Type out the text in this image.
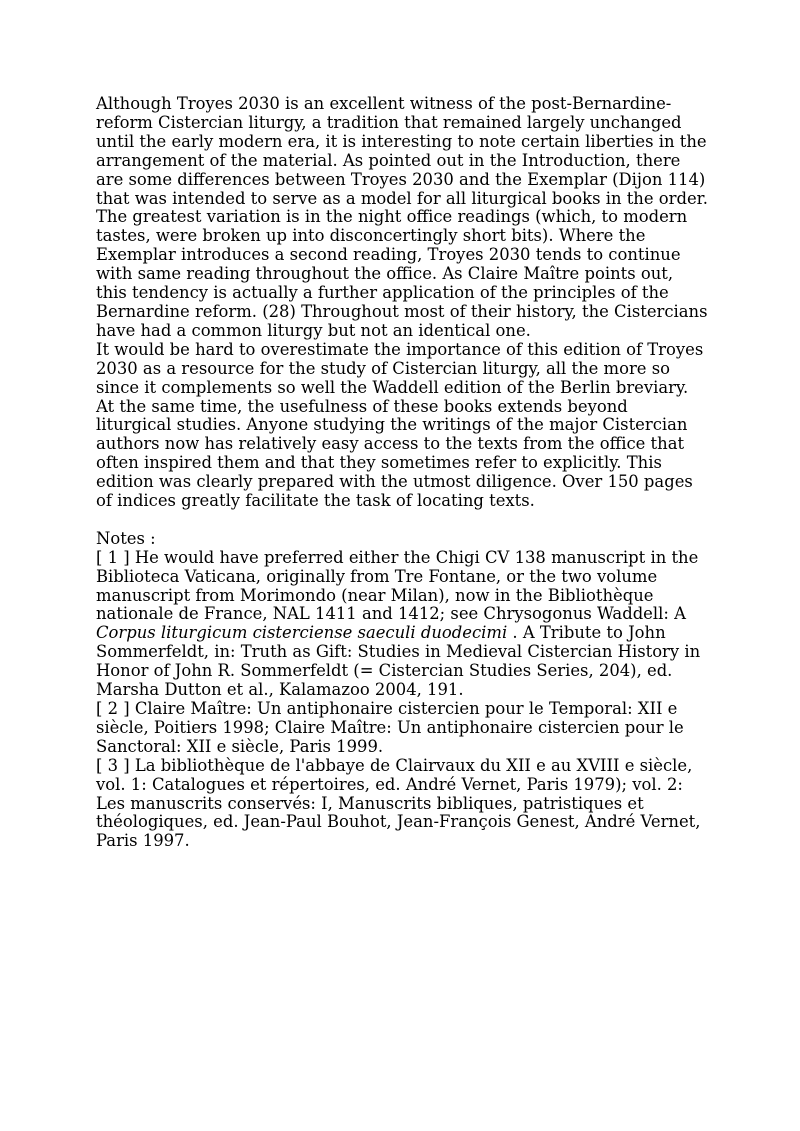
Although Troyes 2030 is an excellent witness of the post-Bernardine-reform Cistercian liturgy, a tradition that remained largely unchanged until the early modern era, it is interesting to note certain liberties in the arrangement of the material. As pointed out in the Introduction, there are some differences between Troyes 2030 and the Exemplar (Dijon 114) that was intended to serve as a model for all liturgical books in the order. The greatest variation is in the night office readings (which, to modern tastes, were broken up into disconcertingly short bits). Where the Exemplar introduces a second reading, Troyes 2030 tends to continue with same reading throughout the office. As Claire Maître points out, this tendency is actually a further application of the principles of the Bernardine reform. (28) Throughout most of their history, the Cistercians have had a common liturgy but not an identical one.

It would be hard to overestimate the importance of this edition of Troyes 2030 as a resource for the study of Cistercian liturgy, all the more so since it complements so well the Waddell edition of the Berlin breviary. At the same time, the usefulness of these books extends beyond liturgical studies. Anyone studying the writings of the major Cistercian authors now has relatively easy access to the texts from the office that often inspired them and that they sometimes refer to explicitly. This edition was clearly prepared with the utmost diligence. Over 150 pages of indices greatly facilitate the task of locating texts.

Notes :

[ 1 ] He would have preferred either the Chigi CV 138 manuscript in the Biblioteca Vaticana, originally from Tre Fontane, or the two volume manuscript from Morimondo (near Milan), now in the Bibliothèque nationale de France, NAL 1411 and 1412; see Chrysogonus Waddell: A Corpus liturgicum cisterciense saeculi duodecimi . A Tribute to John Sommerfeldt, in: Truth as Gift: Studies in Medieval Cistercian History in Honor of John R. Sommerfeldt (= Cistercian Studies Series, 204), ed. Marsha Dutton et al., Kalamazoo 2004, 191.

[ 2 ] Claire Maître: Un antiphonaire cistercien pour le Temporal: XII e siècle, Poitiers 1998; Claire Maître: Un antiphonaire cistercien pour le Sanctoral: XII e siècle, Paris 1999.

[ 3 ] La bibliothèque de l'abbaye de Clairvaux du XII e au XVIII e siècle, vol. 1: Catalogues et répertoires, ed. André Vernet, Paris 1979); vol. 2: Les manuscrits conservés: I, Manuscrits bibliques, patristiques et théologiques, ed. Jean-Paul Bouhot, Jean-François Genest, André Vernet, Paris 1997.
